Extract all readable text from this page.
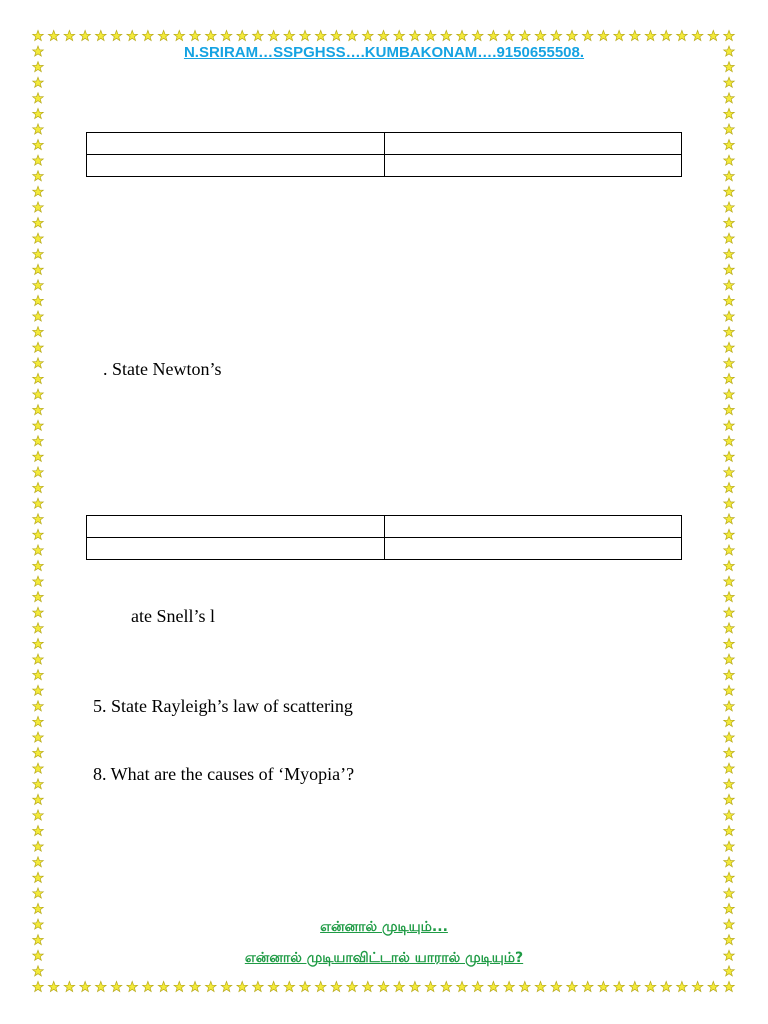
N.SRIRAM…SSPGHSS….KUMBAKONAM….9150655508.

. State Newton’s

ate Snell’s l
5. State Rayleigh’s law of scattering
8. What are the causes of ‘Myopia’?
என்னால் முடியும்...
என்னால் முடியாவிட்டால் யாரால் முடியும்?
